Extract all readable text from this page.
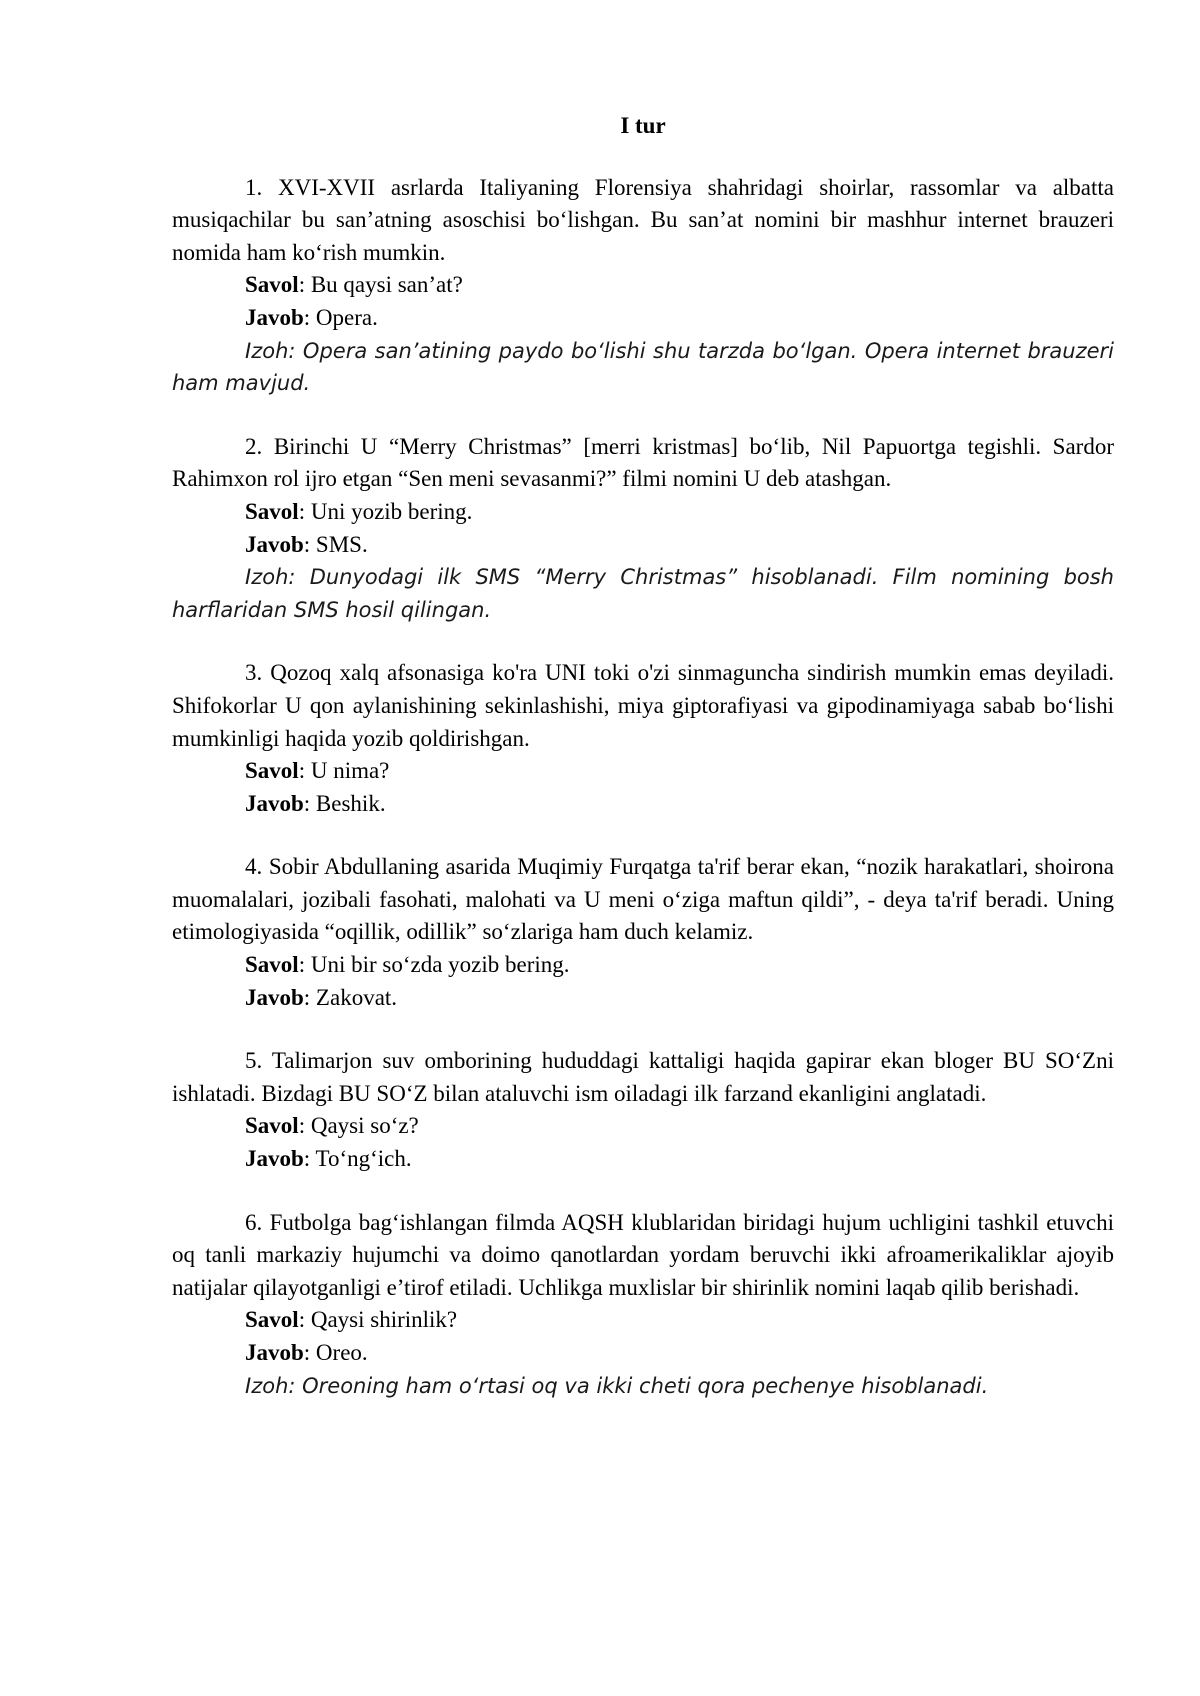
I tur

1. XVI-XVII asrlarda Italiyaning Florensiya shahridagi shoirlar, rassomlar va albatta musiqachilar bu san’atning asoschisi bo‘lishgan. Bu san’at nomini bir mashhur internet brauzeri nomida ham ko‘rish mumkin.

Savol: Bu qaysi san’at?

Javob: Opera.

Izoh: Opera san’atining paydo bo‘lishi shu tarzda bo‘lgan. Opera internet brauzeri ham mavjud.

2. Birinchi U “Merry Christmas” [merri kristmas] bo‘lib, Nil Papuortga tegishli. Sardor Rahimxon rol ijro etgan “Sen meni sevasanmi?” filmi nomini U deb atashgan.

Savol: Uni yozib bering.

Javob: SMS.

Izoh: Dunyodagi ilk SMS “Merry Christmas” hisoblanadi. Film nomining bosh harflaridan SMS hosil qilingan.

3. Qozoq xalq afsonasiga ko'ra UNI toki o'zi sinmaguncha sindirish mumkin emas deyiladi. Shifokorlar U qon aylanishining sekinlashishi, miya giptorafiyasi va gipodinamiyaga sabab bo‘lishi mumkinligi haqida yozib qoldirishgan.

Savol: U nima?

Javob: Beshik.

4. Sobir Abdullaning asarida Muqimiy Furqatga ta'rif berar ekan, “nozik harakatlari, shoirona muomalalari, jozibali fasohati, malohati va U meni o‘ziga maftun qildi”, - deya ta'rif beradi. Uning etimologiyasida “oqillik, odillik” so‘zlariga ham duch kelamiz.

Savol: Uni bir so‘zda yozib bering.

Javob: Zakovat.

5. Talimarjon suv omborining hududdagi kattaligi haqida gapirar ekan bloger BU SO‘Zni ishlatadi. Bizdagi BU SO‘Z bilan ataluvchi ism oiladagi ilk farzand ekanligini anglatadi.

Savol: Qaysi so‘z?

Javob: To‘ng‘ich.

6. Futbolga bag‘ishlangan filmda AQSH klublaridan biridagi hujum uchligini tashkil etuvchi oq tanli markaziy hujumchi va doimo qanotlardan yordam beruvchi ikki afroamerikaliklar ajoyib natijalar qilayotganligi e’tirof etiladi. Uchlikga muxlislar bir shirinlik nomini laqab qilib berishadi.

Savol: Qaysi shirinlik?

Javob: Oreo.

Izoh: Oreoning ham o‘rtasi oq va ikki cheti qora pechenye hisoblanadi.
